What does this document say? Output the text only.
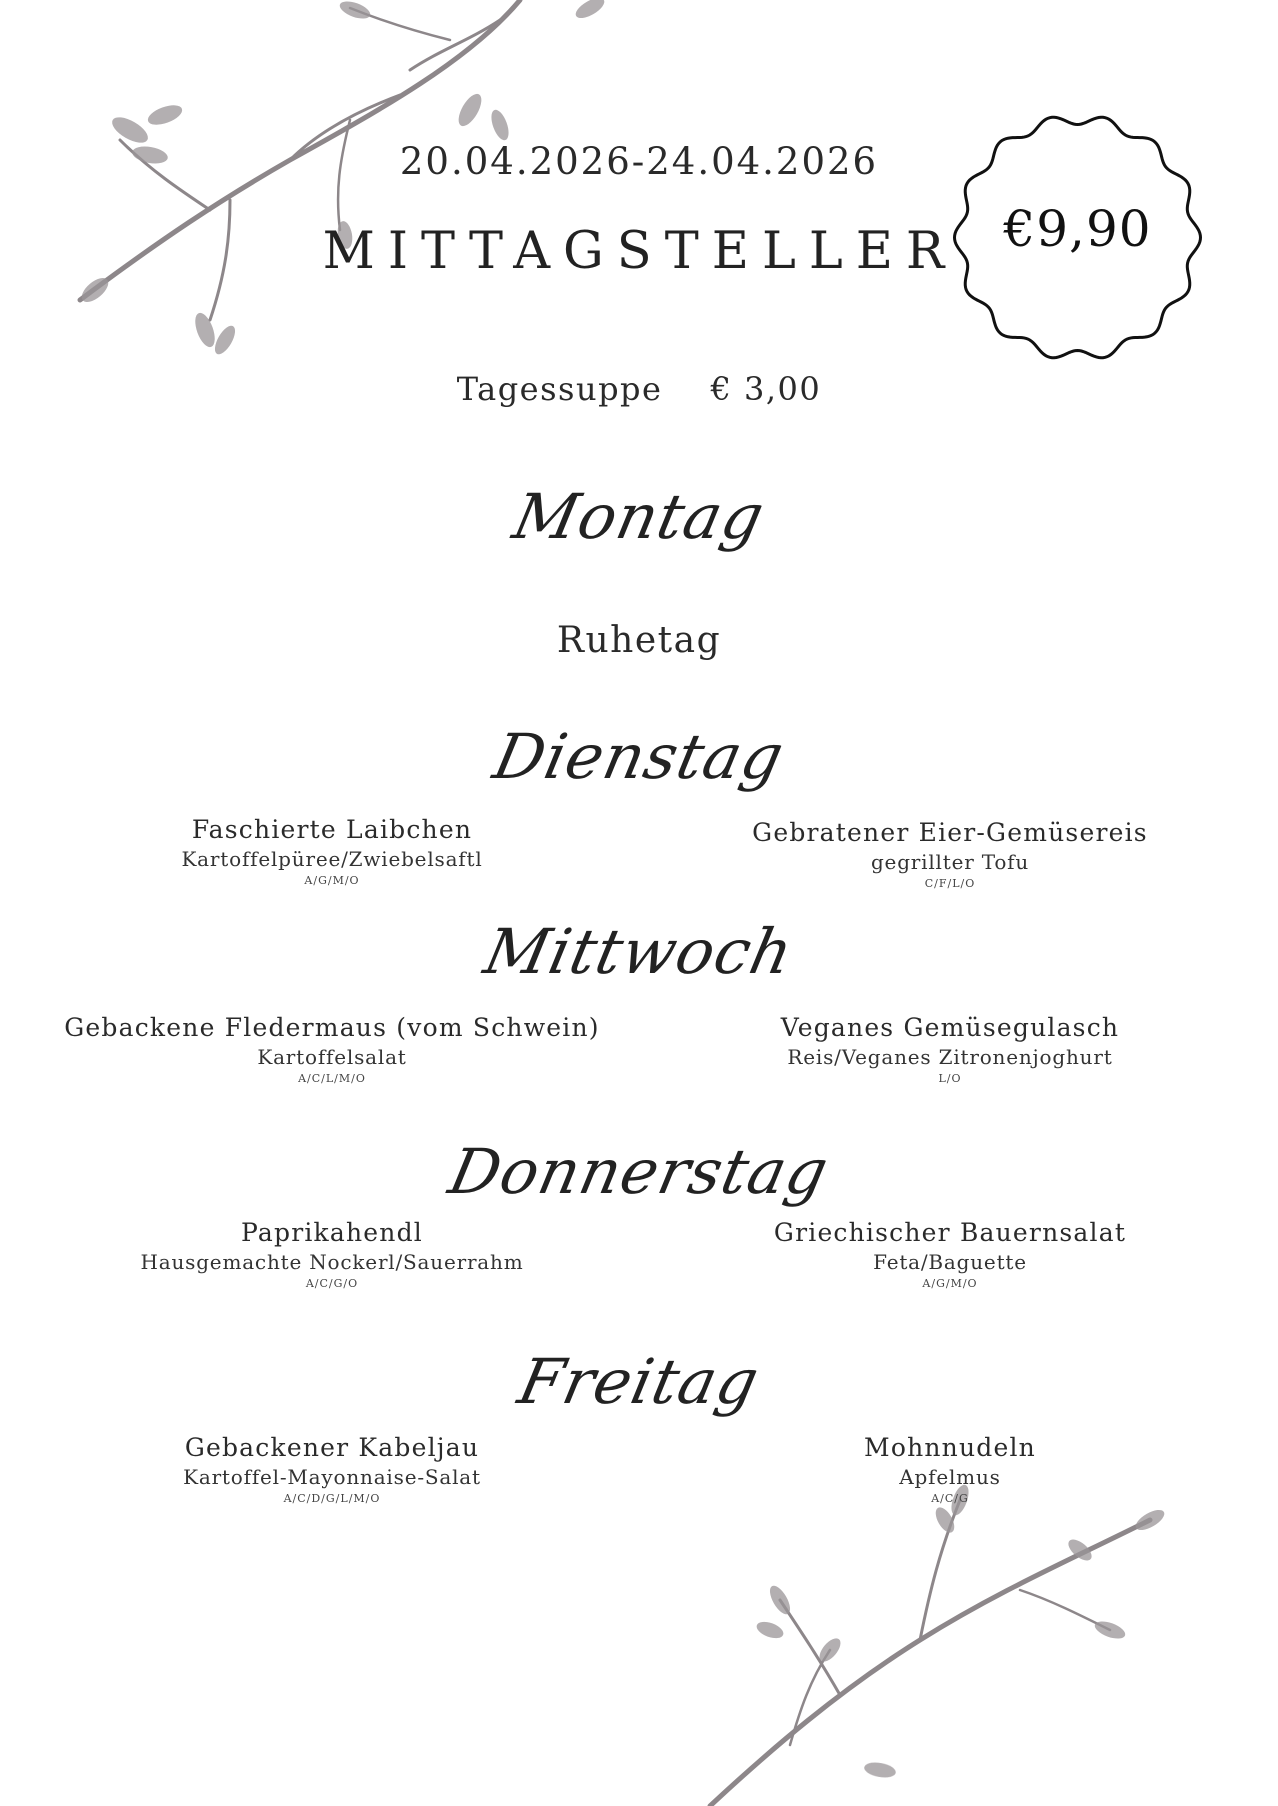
20.04.2026-24.04.2026
MITTAGSTELLER €9,90
Tagessuppe € 3,00
Montag
Ruhetag
Dienstag
Faschierte Laibchen
Kartoffelpüree/Zwiebelsaftl
A/G/M/O
Gebratener Eier-Gemüsereis
gegrillter Tofu
C/F/L/O
Mittwoch
Gebackene Fledermaus (vom Schwein)
Kartoffelsalat
A/C/L/M/O
Veganes Gemüsegulasch
Reis/Veganes Zitronenjoghurt
L/O
Donnerstag
Paprikahendl
Hausgemachte Nockerl/Sauerrahm
A/C/G/O
Griechischer Bauernsalat
Feta/Baguette
A/G/M/O
Freitag
Gebackener Kabeljau
Kartoffel-Mayonnaise-Salat
A/C/D/G/L/M/O
Mohnnudeln
Apfelmus
A/C/G
